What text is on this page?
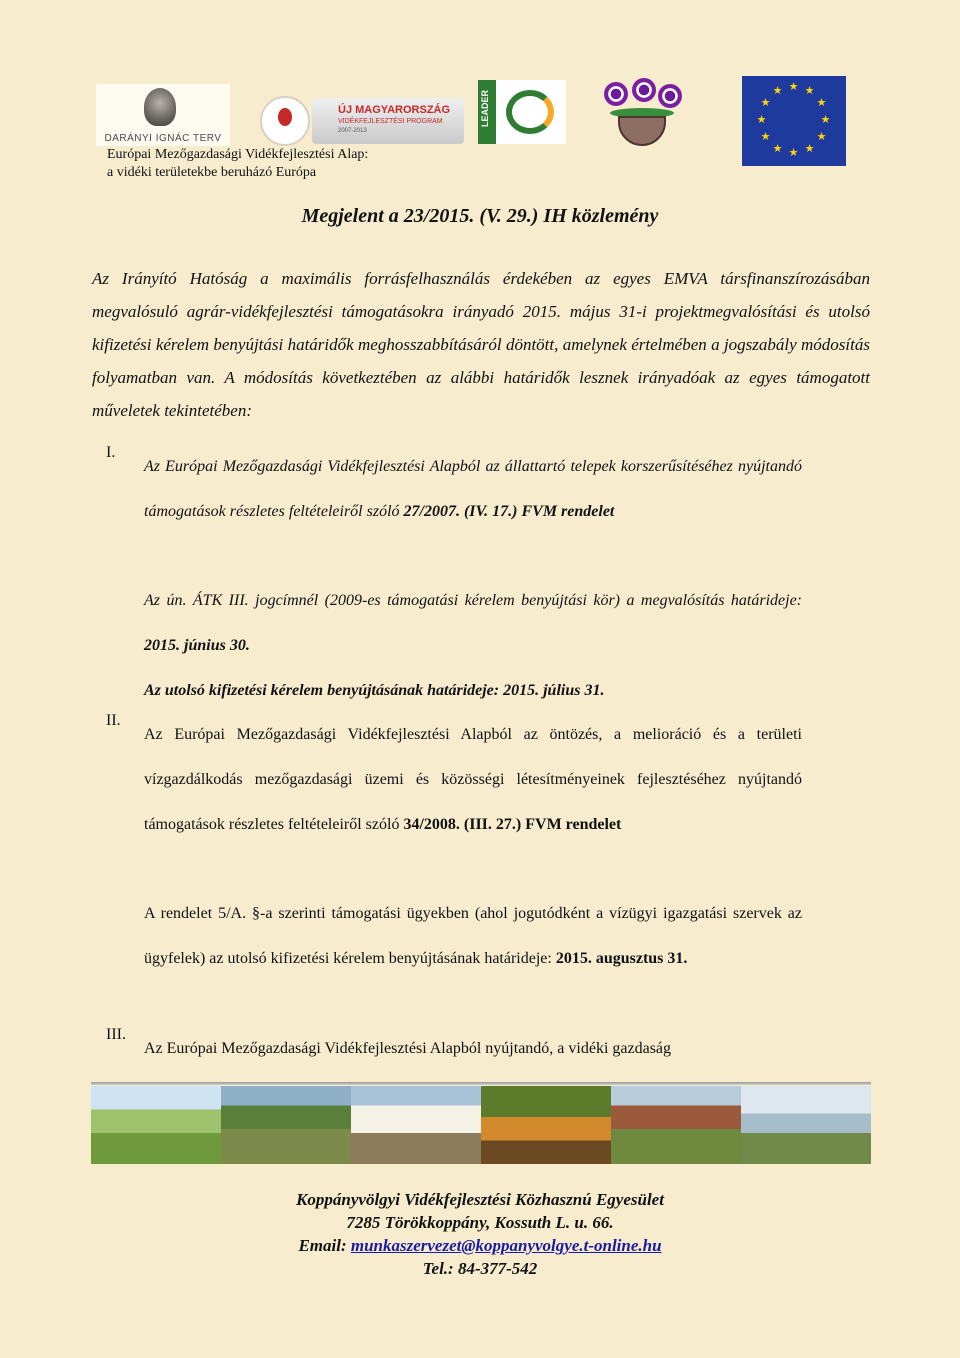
DARÁNYI IGNÁC TERV
ÚJ MAGYARORSZÁG
VIDÉKFEJLESZTÉSI PROGRAM
2007-2013
LEADER
★ ★
★
★
★
★
★
★
★
★
★
★
Európai Mezőgazdasági Vidékfejlesztési Alap:
a vidéki területekbe beruházó Európa
Megjelent a 23/2015. (V. 29.) IH közlemény

Az Irányító Hatóság a maximális forrásfelhasználás érdekében az egyes EMVA társfinanszírozásában megvalósuló agrár-vidékfejlesztési támogatásokra irányadó 2015. május 31-i projektmegvalósítási és utolsó kifizetési kérelem benyújtási határidők meghosszabbításáról döntött, amelynek értelmében a jogszabály módosítás folyamatban van. A módosítás következtében az alábbi határidők lesznek irányadóak az egyes támogatott műveletek tekintetében:

I.

Az Európai Mezőgazdasági Vidékfejlesztési Alapból az állattartó telepek korszerűsítéséhez nyújtandó támogatások részletes feltételeiről szóló 27/2007. (IV. 17.) FVM rendelet

Az ún. ÁTK III. jogcímnél (2009-es támogatási kérelem benyújtási kör) a megvalósítás határideje: 2015. június 30.

Az utolsó kifizetési kérelem benyújtásának határideje: 2015. július 31.

II.

Az Európai Mezőgazdasági Vidékfejlesztési Alapból az öntözés, a melioráció és a területi vízgazdálkodás mezőgazdasági üzemi és közösségi létesítményeinek fejlesztéséhez nyújtandó támogatások részletes feltételeiről szóló 34/2008. (III. 27.) FVM rendelet

A rendelet 5/A. §-a szerinti támogatási ügyekben (ahol jogutódként a vízügyi igazgatási szervek az ügyfelek) az utolsó kifizetési kérelem benyújtásának határideje: 2015. augusztus 31.

III.

Az Európai Mezőgazdasági Vidékfejlesztési Alapból nyújtandó, a vidéki gazdaság

Koppányvölgyi Vidékfejlesztési Közhasznú Egyesület
7285 Törökkoppány, Kossuth L. u. 66.
Email: munkaszervezet@koppanyvolgye.t-online.hu
Tel.: 84-377-542
